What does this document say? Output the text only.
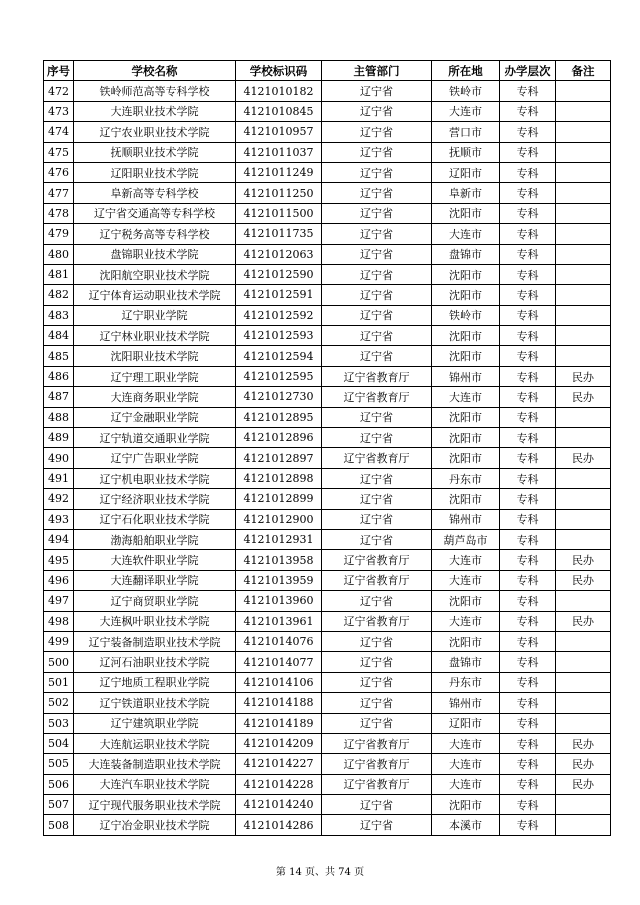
序号	学校名称	学校标识码	主管部门	所在地	办学层次	备注
472	铁岭师范高等专科学校	4121010182	辽宁省	铁岭市	专科	
473	大连职业技术学院	4121010845	辽宁省	大连市	专科	
474	辽宁农业职业技术学院	4121010957	辽宁省	营口市	专科	
475	抚顺职业技术学院	4121011037	辽宁省	抚顺市	专科	
476	辽阳职业技术学院	4121011249	辽宁省	辽阳市	专科	
477	阜新高等专科学校	4121011250	辽宁省	阜新市	专科	
478	辽宁省交通高等专科学校	4121011500	辽宁省	沈阳市	专科	
479	辽宁税务高等专科学校	4121011735	辽宁省	大连市	专科	
480	盘锦职业技术学院	4121012063	辽宁省	盘锦市	专科	
481	沈阳航空职业技术学院	4121012590	辽宁省	沈阳市	专科	
482	辽宁体育运动职业技术学院	4121012591	辽宁省	沈阳市	专科	
483	辽宁职业学院	4121012592	辽宁省	铁岭市	专科	
484	辽宁林业职业技术学院	4121012593	辽宁省	沈阳市	专科	
485	沈阳职业技术学院	4121012594	辽宁省	沈阳市	专科	
486	辽宁理工职业学院	4121012595	辽宁省教育厅	锦州市	专科	民办
487	大连商务职业学院	4121012730	辽宁省教育厅	大连市	专科	民办
488	辽宁金融职业学院	4121012895	辽宁省	沈阳市	专科	
489	辽宁轨道交通职业学院	4121012896	辽宁省	沈阳市	专科	
490	辽宁广告职业学院	4121012897	辽宁省教育厅	沈阳市	专科	民办
491	辽宁机电职业技术学院	4121012898	辽宁省	丹东市	专科	
492	辽宁经济职业技术学院	4121012899	辽宁省	沈阳市	专科	
493	辽宁石化职业技术学院	4121012900	辽宁省	锦州市	专科	
494	渤海船舶职业学院	4121012931	辽宁省	葫芦岛市	专科	
495	大连软件职业学院	4121013958	辽宁省教育厅	大连市	专科	民办
496	大连翻译职业学院	4121013959	辽宁省教育厅	大连市	专科	民办
497	辽宁商贸职业学院	4121013960	辽宁省	沈阳市	专科	
498	大连枫叶职业技术学院	4121013961	辽宁省教育厅	大连市	专科	民办
499	辽宁装备制造职业技术学院	4121014076	辽宁省	沈阳市	专科	
500	辽河石油职业技术学院	4121014077	辽宁省	盘锦市	专科	
501	辽宁地质工程职业学院	4121014106	辽宁省	丹东市	专科	
502	辽宁铁道职业技术学院	4121014188	辽宁省	锦州市	专科	
503	辽宁建筑职业学院	4121014189	辽宁省	辽阳市	专科	
504	大连航运职业技术学院	4121014209	辽宁省教育厅	大连市	专科	民办
505	大连装备制造职业技术学院	4121014227	辽宁省教育厅	大连市	专科	民办
506	大连汽车职业技术学院	4121014228	辽宁省教育厅	大连市	专科	民办
507	辽宁现代服务职业技术学院	4121014240	辽宁省	沈阳市	专科	
508	辽宁冶金职业技术学院	4121014286	辽宁省	本溪市	专科	
第 14 页、共 74 页
